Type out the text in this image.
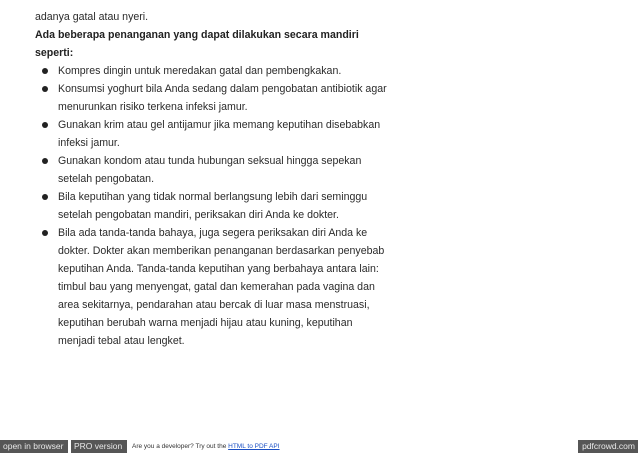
adanya gatal atau nyeri.
Ada beberapa penanganan yang dapat dilakukan secara mandiri
seperti:
Kompres dingin untuk meredakan gatal dan pembengkakan.
Konsumsi yoghurt bila Anda sedang dalam pengobatan antibiotik agar
menurunkan risiko terkena infeksi jamur.
Gunakan krim atau gel antijamur jika memang keputihan disebabkan
infeksi jamur.
Gunakan kondom atau tunda hubungan seksual hingga sepekan
setelah pengobatan.
Bila keputihan yang tidak normal berlangsung lebih dari seminggu
setelah pengobatan mandiri, periksakan diri Anda ke dokter.
Bila ada tanda-tanda bahaya, juga segera periksakan diri Anda ke
dokter. Dokter akan memberikan penanganan berdasarkan penyebab
keputihan Anda. Tanda-tanda keputihan yang berbahaya antara lain:
timbul bau yang menyengat, gatal dan kemerahan pada vagina dan
area sekitarnya, pendarahan atau bercak di luar masa menstruasi,
keputihan berubah warna menjadi hijau atau kuning, keputihan
menjadi tebal atau lengket.
open in browser	PRO version	Are you a developer? Try out the HTML to PDF API	pdfcrowd.com
